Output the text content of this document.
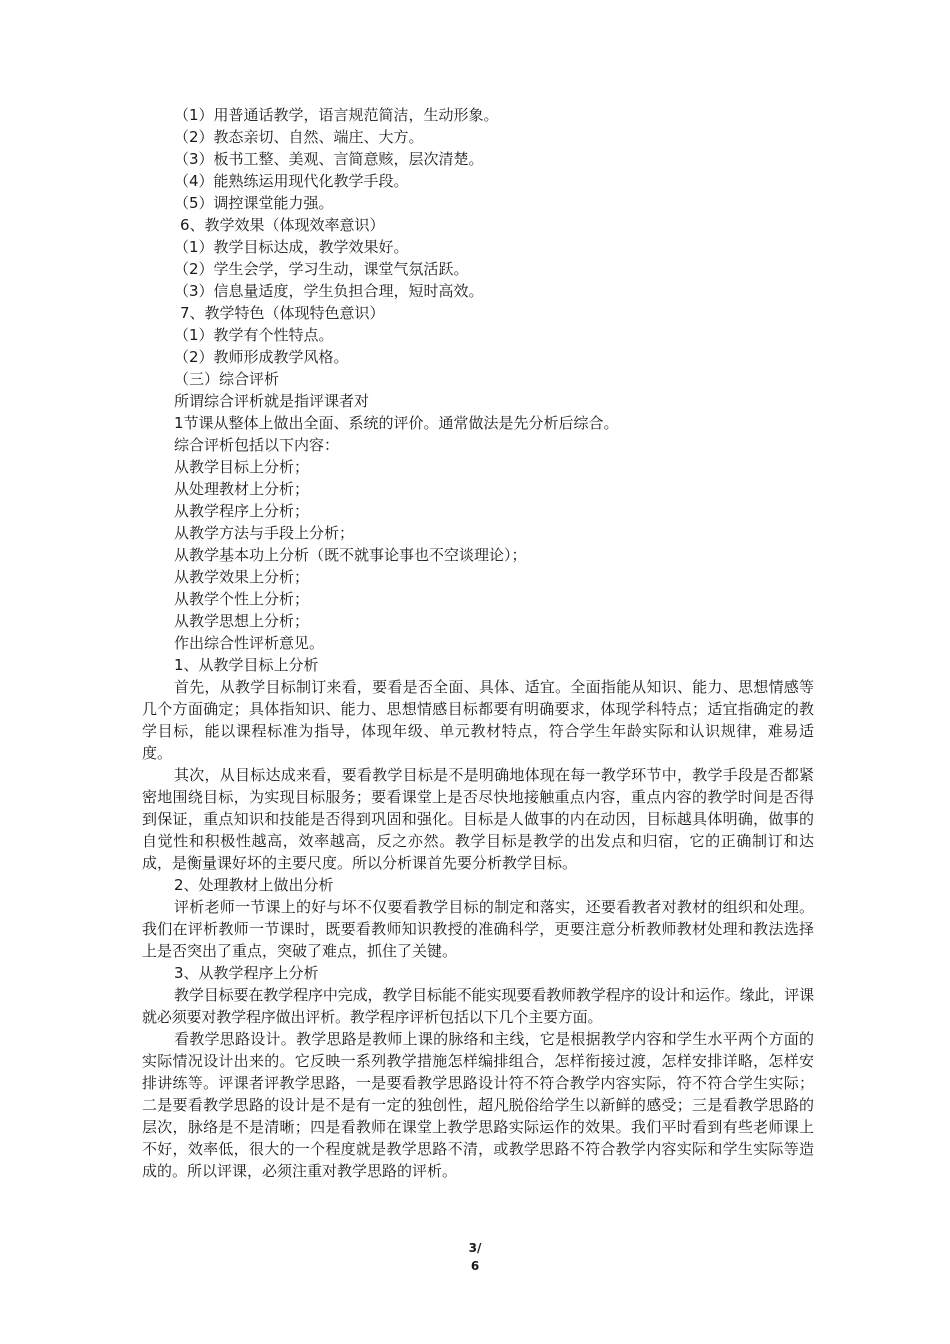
（1）用普通话教学，语言规范简洁，生动形象。
（2）教态亲切、自然、端庄、大方。
（3）板书工整、美观、言简意赅，层次清楚。
（4）能熟练运用现代化教学手段。
（5）调控课堂能力强。
6、教学效果（体现效率意识）
（1）教学目标达成，教学效果好。
（2）学生会学，学习生动，课堂气氛活跃。
（3）信息量适度，学生负担合理，短时高效。
7、教学特色（体现特色意识）
（1）教学有个性特点。
（2）教师形成教学风格。
（三）综合评析
所谓综合评析就是指评课者对
1节课从整体上做出全面、系统的评价。通常做法是先分析后综合。
综合评析包括以下内容：
从教学目标上分析；
从处理教材上分析；
从教学程序上分析；
从教学方法与手段上分析；
从教学基本功上分析（既不就事论事也不空谈理论）；
从教学效果上分析；
从教学个性上分析；
从教学思想上分析；
作出综合性评析意见。
1、从教学目标上分析

首先，从教学目标制订来看，要看是否全面、具体、适宜。全面指能从知识、能力、思想情感等几个方面确定；具体指知识、能力、思想情感目标都要有明确要求，体现学科特点；适宜指确定的教学目标，能以课程标准为指导，体现年级、单元教材特点，符合学生年龄实际和认识规律，难易适度。

其次，从目标达成来看，要看教学目标是不是明确地体现在每一教学环节中，教学手段是否都紧密地围绕目标，为实现目标服务；要看课堂上是否尽快地接触重点内容，重点内容的教学时间是否得到保证，重点知识和技能是否得到巩固和强化。目标是人做事的内在动因，目标越具体明确，做事的自觉性和积极性越高，效率越高，反之亦然。教学目标是教学的出发点和归宿，它的正确制订和达成，是衡量课好坏的主要尺度。所以分析课首先要分析教学目标。

2、处理教材上做出分析

评析老师一节课上的好与坏不仅要看教学目标的制定和落实，还要看教者对教材的组织和处理。我们在评析教师一节课时，既要看教师知识教授的准确科学，更要注意分析教师教材处理和教法选择上是否突出了重点，突破了难点，抓住了关键。

3、从教学程序上分析

教学目标要在教学程序中完成，教学目标能不能实现要看教师教学程序的设计和运作。缘此，评课就必须要对教学程序做出评析。教学程序评析包括以下几个主要方面。

看教学思路设计。教学思路是教师上课的脉络和主线，它是根据教学内容和学生水平两个方面的实际情况设计出来的。它反映一系列教学措施怎样编排组合，怎样衔接过渡，怎样安排详略，怎样安排讲练等。评课者评教学思路，一是要看教学思路设计符不符合教学内容实际，符不符合学生实际；二是要看教学思路的设计是不是有一定的独创性，超凡脱俗给学生以新鲜的感受；三是看教学思路的层次，脉络是不是清晰；四是看教师在课堂上教学思路实际运作的效果。我们平时看到有些老师课上不好，效率低，很大的一个程度就是教学思路不清，或教学思路不符合教学内容实际和学生实际等造成的。所以评课，必须注重对教学思路的评析。

3/
6
